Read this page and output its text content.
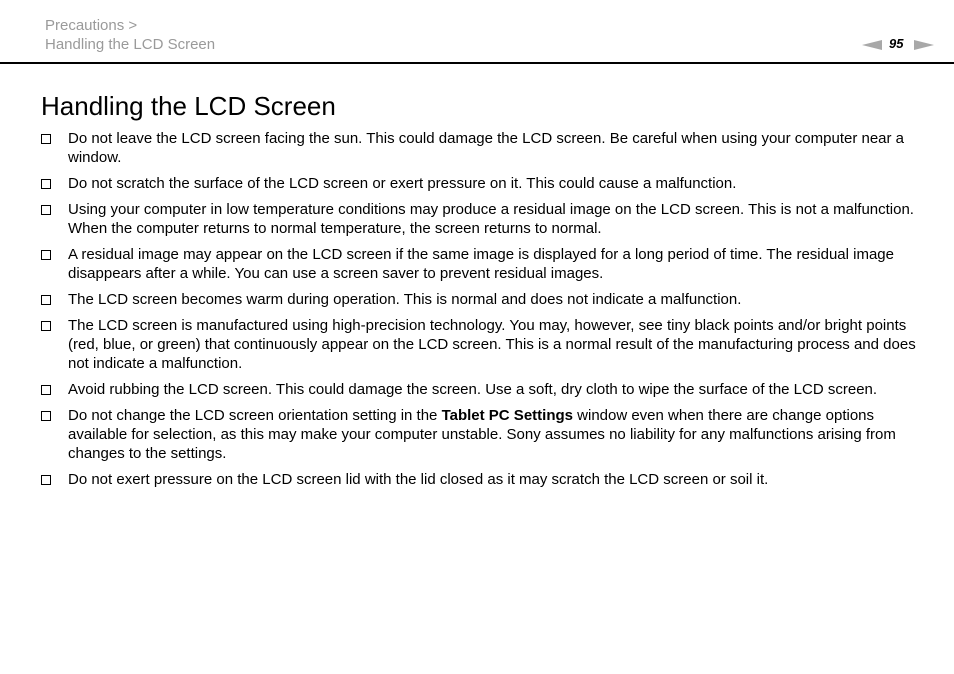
Precautions >
Handling the LCD Screen	95
Handling the LCD Screen
Do not leave the LCD screen facing the sun. This could damage the LCD screen. Be careful when using your computer near a window.
Do not scratch the surface of the LCD screen or exert pressure on it. This could cause a malfunction.
Using your computer in low temperature conditions may produce a residual image on the LCD screen. This is not a malfunction. When the computer returns to normal temperature, the screen returns to normal.
A residual image may appear on the LCD screen if the same image is displayed for a long period of time. The residual image disappears after a while. You can use a screen saver to prevent residual images.
The LCD screen becomes warm during operation. This is normal and does not indicate a malfunction.
The LCD screen is manufactured using high-precision technology. You may, however, see tiny black points and/or bright points (red, blue, or green) that continuously appear on the LCD screen. This is a normal result of the manufacturing process and does not indicate a malfunction.
Avoid rubbing the LCD screen. This could damage the screen. Use a soft, dry cloth to wipe the surface of the LCD screen.
Do not change the LCD screen orientation setting in the Tablet PC Settings window even when there are change options available for selection, as this may make your computer unstable. Sony assumes no liability for any malfunctions arising from changes to the settings.
Do not exert pressure on the LCD screen lid with the lid closed as it may scratch the LCD screen or soil it.
